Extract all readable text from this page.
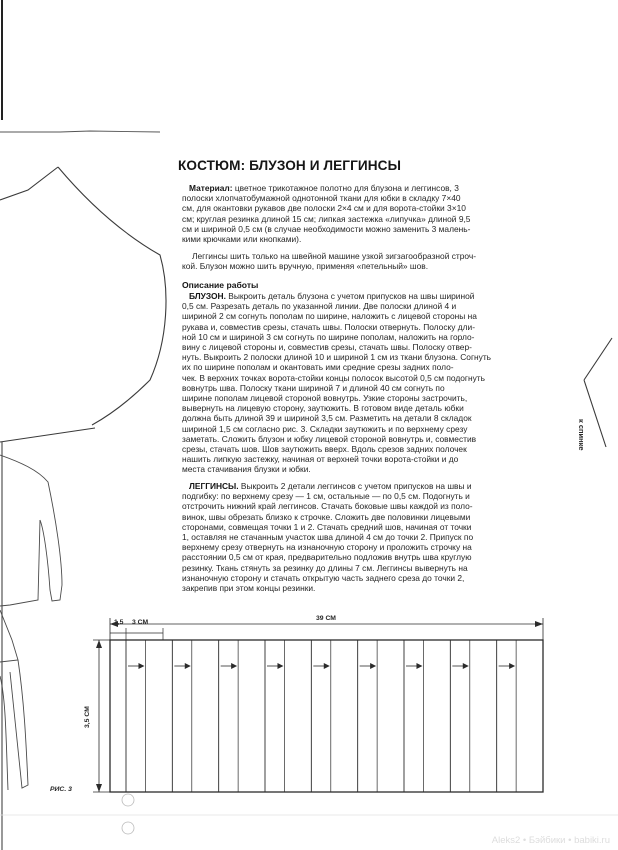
КОСТЮМ: БЛУЗОН И ЛЕГГИНСЫ
Материал: цветное трикотажное полотно для блузона и леггинсов, 3
полоски хлопчатобумажной однотонной ткани для юбки в складку 7×40
см, для окантовки рукавов две полоски 2×4 см и для ворота-стойки 3×10
см; круглая резинка длиной 15 см; липкая застежка «липучка» длиной 9,5
см и шириной 0,5 см (в случае необходимости можно заменить 3 малень-
кими крючками или кнопками).
Леггинсы шить только на швейной машине узкой зигзагообразной строч-
кой. Блузон можно шить вручную, применяя «петельный» шов.
Описание работы
БЛУЗОН. Выкроить деталь блузона с учетом припусков на швы шириной
0,5 см. Разрезать деталь по указанной линии. Две полоски длиной 4 и
шириной 2 см согнуть пополам по ширине, наложить с лицевой стороны на
рукава и, совместив срезы, стачать швы. Полоски отвернуть. Полоску дли-
ной 10 см и шириной 3 см согнуть по ширине пополам, наложить на горло-
вину с лицевой стороны и, совместив срезы, стачать швы. Полоску отвер-
нуть. Выкроить 2 полоски длиной 10 и шириной 1 см из ткани блузона. Согнуть
их по ширине пополам и окантовать ими средние срезы задних поло-
чек. В верхних точках ворота-стойки концы полосок высотой 0,5 см подогнуть
вовнутрь шва. Полоску ткани шириной 7 и длиной 40 см согнуть по
ширине пополам лицевой стороной вовнутрь. Узкие стороны застрочить,
вывернуть на лицевую сторону, заутюжить. В готовом виде деталь юбки
должна быть длиной 39 и шириной 3,5 см. Разметить на детали 8 складок
шириной 1,5 см согласно рис. 3. Складки заутюжить и по верхнему срезу
заметать. Сложить блузон и юбку лицевой стороной вовнутрь и, совместив
срезы, стачать шов. Шов заутюжить вверх. Вдоль срезов задних полочек
нашить липкую застежку, начиная от верхней точки ворота-стойки и до
места стачивания блузки и юбки.
ЛЕГГИНСЫ. Выкроить 2 детали леггинсов с учетом припусков на швы и
подгибку: по верхнему срезу — 1 см, остальные — по 0,5 см. Подогнуть и
отстрочить нижний край леггинсов. Стачать боковые швы каждой из поло-
винок, швы обрезать близко к строчке. Сложить две половинки лицевыми
сторонами, совмещая точки 1 и 2. Стачать средний шов, начиная от точки
1, оставляя не стачанным участок шва длиной 4 см до точки 2. Припуск по
верхнему срезу отвернуть на изнаночную сторону и проложить строчку на
расстоянии 0,5 см от края, предварительно подложив внутрь шва круглую
резинку. Ткань стянуть за резинку до длины 7 см. Леггинсы вывернуть на
изнаночную сторону и стачать открытую часть заднего среза до точки 2,
закрепив при этом концы резинки.
1,5 3 СМ
39 СМ
3,5 СМ
РИС. 3
к спинке
Aleks2 • Бэйбики • babiki.ru
